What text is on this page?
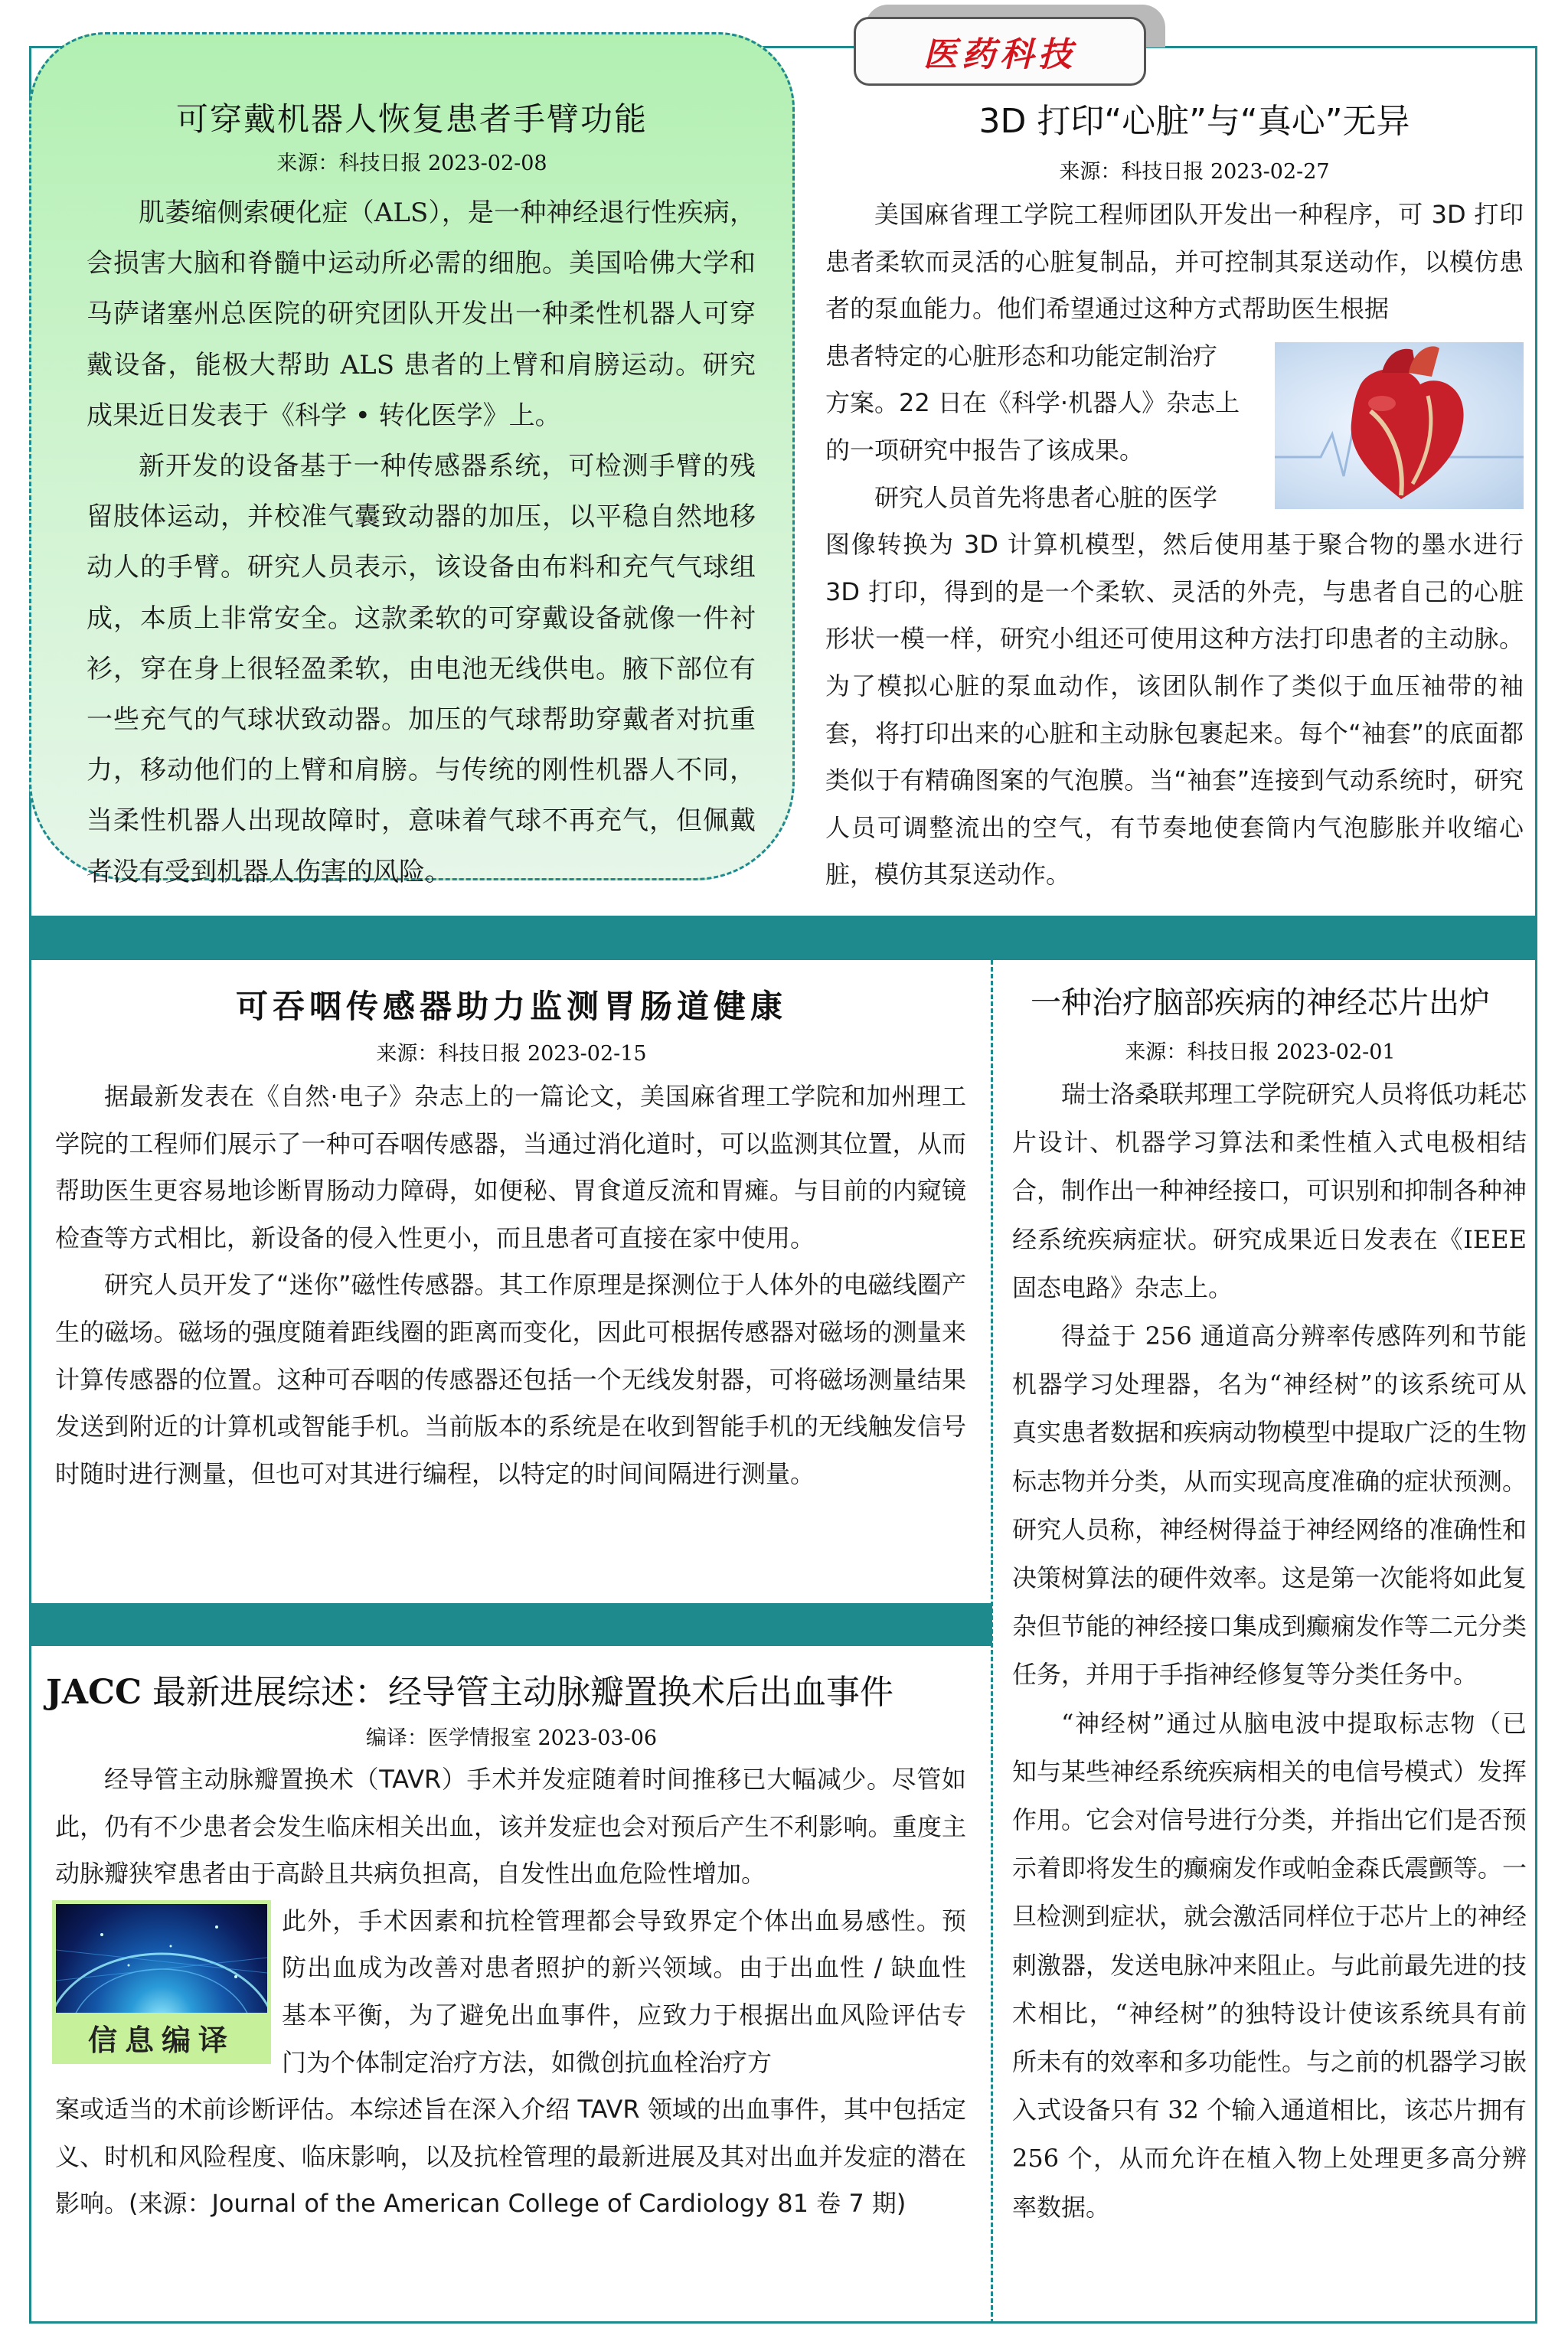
医药科技
可穿戴机器人恢复患者手臂功能
来源：科技日报 2023-02-08

肌萎缩侧索硬化症（ALS），是一种神经退行性疾病，会损害大脑和脊髓中运动所必需的细胞。美国哈佛大学和马萨诸塞州总医院的研究团队开发出一种柔性机器人可穿戴设备，能极大帮助 ALS 患者的上臂和肩膀运动。研究成果近日发表于《科学 • 转化医学》上。

新开发的设备基于一种传感器系统，可检测手臂的残留肢体运动，并校准气囊致动器的加压，以平稳自然地移动人的手臂。研究人员表示，该设备由布料和充气气球组成，本质上非常安全。这款柔软的可穿戴设备就像一件衬衫，穿在身上很轻盈柔软，由电池无线供电。腋下部位有一些充气的气球状致动器。加压的气球帮助穿戴者对抗重力，移动他们的上臂和肩膀。与传统的刚性机器人不同，当柔性机器人出现故障时，意味着气球不再充气，但佩戴者没有受到机器人伤害的风险。

3D 打印“心脏”与“真心”无异
来源：科技日报 2023-02-27

美国麻省理工学院工程师团队开发出一种程序，可 3D 打印患者柔软而灵活的心脏复制品，并可控制其泵送动作，以模仿患者的泵血能力。他们希望通过这种方式帮助医生根据

患者特定的心脏形态和功能定制治疗
方案。22 日在《科学·机器人》杂志上
的一项研究中报告了该成果。
研究人员首先将患者心脏的医学

图像转换为 3D 计算机模型，然后使用基于聚合物的墨水进行 3D 打印，得到的是一个柔软、灵活的外壳，与患者自己的心脏形状一模一样，研究小组还可使用这种方法打印患者的主动脉。为了模拟心脏的泵血动作，该团队制作了类似于血压袖带的袖套，将打印出来的心脏和主动脉包裹起来。每个“袖套”的底面都类似于有精确图案的气泡膜。当“袖套”连接到气动系统时，研究人员可调整流出的空气，有节奏地使套筒内气泡膨胀并收缩心脏，模仿其泵送动作。

可吞咽传感器助力监测胃肠道健康
来源：科技日报 2023-02-15

据最新发表在《自然·电子》杂志上的一篇论文，美国麻省理工学院和加州理工学院的工程师们展示了一种可吞咽传感器，当通过消化道时，可以监测其位置，从而帮助医生更容易地诊断胃肠动力障碍，如便秘、胃食道反流和胃瘫。与目前的内窥镜检查等方式相比，新设备的侵入性更小，而且患者可直接在家中使用。

研究人员开发了“迷你”磁性传感器。其工作原理是探测位于人体外的电磁线圈产生的磁场。磁场的强度随着距线圈的距离而变化，因此可根据传感器对磁场的测量来计算传感器的位置。这种可吞咽的传感器还包括一个无线发射器，可将磁场测量结果发送到附近的计算机或智能手机。当前版本的系统是在收到智能手机的无线触发信号时随时进行测量，但也可对其进行编程，以特定的时间间隔进行测量。

一种治疗脑部疾病的神经芯片出炉
来源：科技日报 2023-02-01

瑞士洛桑联邦理工学院研究人员将低功耗芯片设计、机器学习算法和柔性植入式电极相结合，制作出一种神经接口，可识别和抑制各种神经系统疾病症状。研究成果近日发表在《IEEE 固态电路》杂志上。

得益于 256 通道高分辨率传感阵列和节能机器学习处理器，名为“神经树”的该系统可从真实患者数据和疾病动物模型中提取广泛的生物标志物并分类，从而实现高度准确的症状预测。研究人员称，神经树得益于神经网络的准确性和决策树算法的硬件效率。这是第一次能将如此复杂但节能的神经接口集成到癫痫发作等二元分类任务，并用于手指神经修复等分类任务中。

“神经树”通过从脑电波中提取标志物（已知与某些神经系统疾病相关的电信号模式）发挥作用。它会对信号进行分类，并指出它们是否预示着即将发生的癫痫发作或帕金森氏震颤等。一旦检测到症状，就会激活同样位于芯片上的神经刺激器，发送电脉冲来阻止。与此前最先进的技术相比，“神经树”的独特设计使该系统具有前所未有的效率和多功能性。与之前的机器学习嵌入式设备只有 32 个输入通道相比，该芯片拥有 256 个，从而允许在植入物上处理更多高分辨率数据。

JACC 最新进展综述：经导管主动脉瓣置换术后出血事件
编译：医学情报室 2023-03-06

经导管主动脉瓣置换术（TAVR）手术并发症随着时间推移已大幅减少。尽管如此，仍有不少患者会发生临床相关出血，该并发症也会对预后产生不利影响。重度主动脉瓣狭窄患者由于高龄且共病负担高，自发性出血危险性增加。

此外，手术因素和抗栓管理都会导致界定个体出血易感性。预防出血成为改善对患者照护的新兴领域。由于出血性 / 缺血性基本平衡，为了避免出血事件，应致力于根据出血风险评估专门为个体制定治疗方法，如微创抗血栓治疗方

案或适当的术前诊断评估。本综述旨在深入介绍 TAVR 领域的出血事件，其中包括定义、时机和风险程度、临床影响，以及抗栓管理的最新进展及其对出血并发症的潜在影响。(来源：Journal of the American College of Cardiology 81 卷 7 期)

信息编译
